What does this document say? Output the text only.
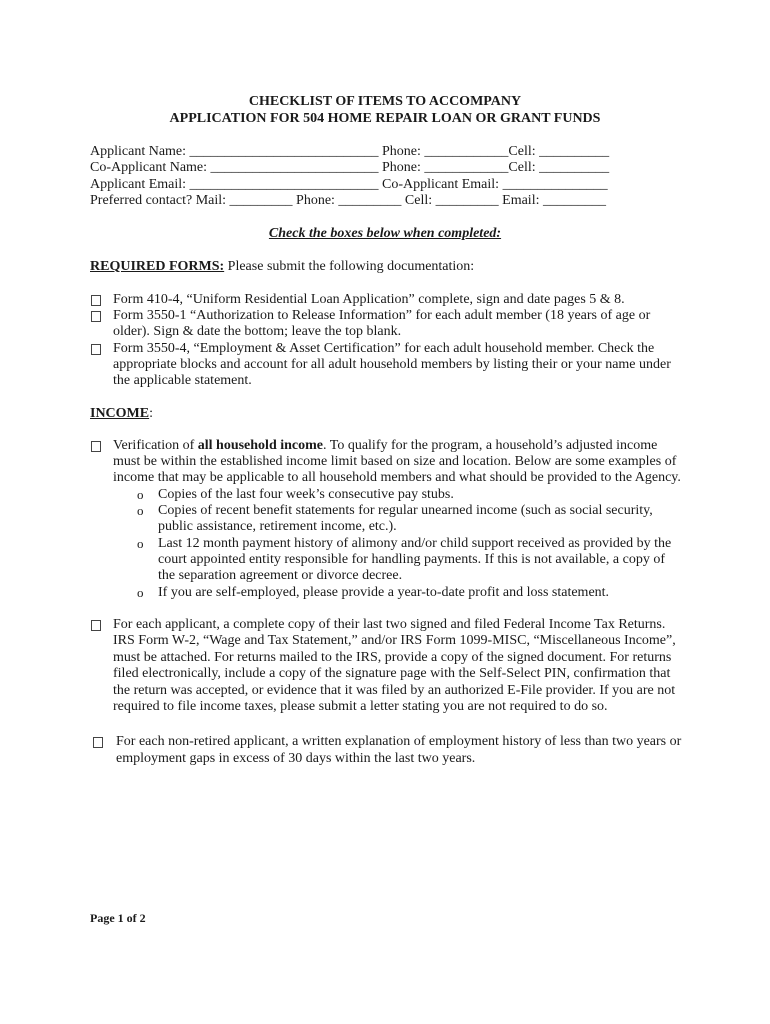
CHECKLIST OF ITEMS TO ACCOMPANY
APPLICATION FOR 504 HOME REPAIR LOAN OR GRANT FUNDS
Applicant Name: ___________________________ Phone: ____________Cell: __________
Co-Applicant Name: ________________________ Phone: ____________Cell: __________
Applicant Email: ___________________________ Co-Applicant Email: _______________
Preferred contact? Mail: _________ Phone: _________ Cell: _________ Email: _________
Check the boxes below when completed:
REQUIRED FORMS: Please submit the following documentation:
Form 410-4, “Uniform Residential Loan Application” complete, sign and date pages 5 & 8.
Form 3550-1 “Authorization to Release Information” for each adult member (18 years of age or
older). Sign & date the bottom; leave the top blank.
Form 3550-4, “Employment & Asset Certification” for each adult household member. Check the
appropriate blocks and account for all adult household members by listing their or your name under
the applicable statement.
INCOME:
Verification of all household income. To qualify for the program, a household’s adjusted income
must be within the established income limit based on size and location. Below are some examples of
income that may be applicable to all household members and what should be provided to the Agency.
o Copies of the last four week’s consecutive pay stubs.
o Copies of recent benefit statements for regular unearned income (such as social security,
public assistance, retirement income, etc.).
o Last 12 month payment history of alimony and/or child support received as provided by the
court appointed entity responsible for handling payments. If this is not available, a copy of
the separation agreement or divorce decree.
o If you are self-employed, please provide a year-to-date profit and loss statement.
For each applicant, a complete copy of their last two signed and filed Federal Income Tax Returns.
IRS Form W-2, “Wage and Tax Statement,” and/or IRS Form 1099-MISC, “Miscellaneous Income”,
must be attached. For returns mailed to the IRS, provide a copy of the signed document. For returns
filed electronically, include a copy of the signature page with the Self-Select PIN, confirmation that
the return was accepted, or evidence that it was filed by an authorized E-File provider. If you are not
required to file income taxes, please submit a letter stating you are not required to do so.
For each non-retired applicant, a written explanation of employment history of less than two years or
employment gaps in excess of 30 days within the last two years.
Page 1 of 2
